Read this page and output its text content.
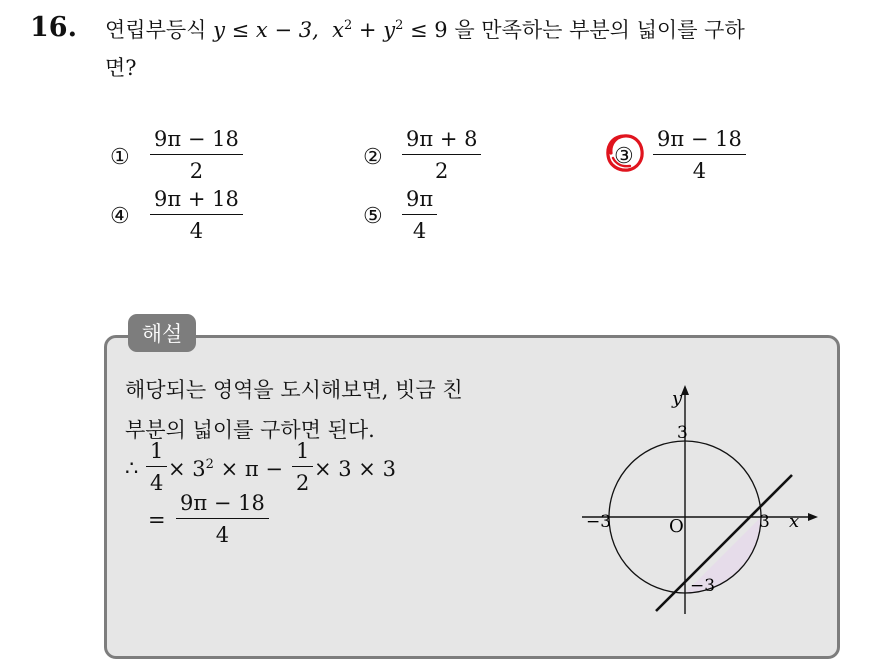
16. 연립부등식 y ≤ x − 3, $x^2 + y^2 \le 9$ 을 만족하는 부분의 넓이를 구하
면?
①
9π − 18
2
②
9π + 8
2
③
9π − 18
4
④
9π + 18
4
⑤
9π
4
해설
해당되는 영역을 도시해보면, 빗금 친
부분의 넓이를 구하면 된다.
∴
1
4
× $3^2 \times \pi$ −
1
2
× 3 × 3
=
9π − 18
4
y
x
O
3
−3	3
−3
